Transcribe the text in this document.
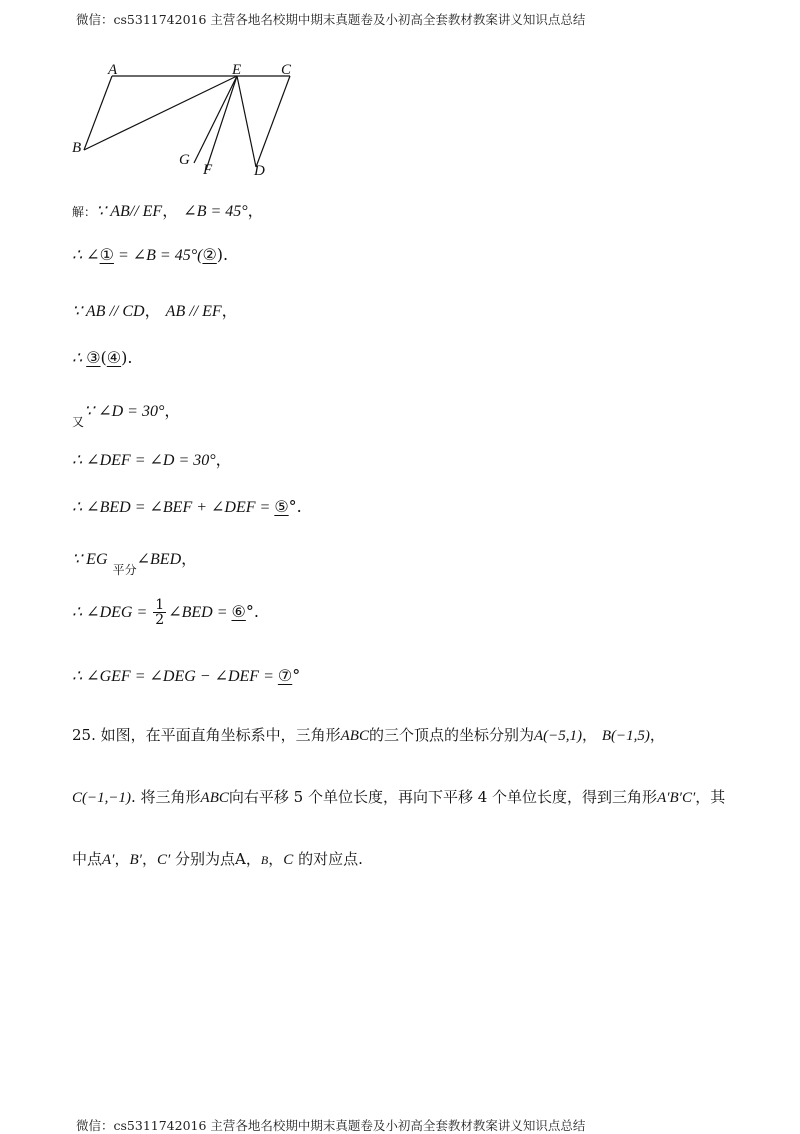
微信：cs5311742016 主营各地名校期中期末真题卷及小初高全套教材教案讲义知识点总结
A	E	C
B
G
F	D
解：∵ AB// EF， ∠B = 45°，
∴ ∠① = ∠B = 45°(②).
∵ AB // CD， AB // EF，
∴ ③(④).
$_又$∵ ∠D = 30°，
∴ ∠DEF = ∠D = 30°，
∴ ∠BED = ∠BEF + ∠DEF = ⑤°.
∵ EG $_{平分}$∠BED，
∴ ∠DEG = $\frac{1}{2}$ ∠BED = ⑥°.
∴ ∠GEF = ∠DEG − ∠DEF = ⑦°
25. 如图，在平面直角坐标系中，三角形ABC的三个顶点的坐标分别为A(−5,1)， B(−1,5)，
C(−1,−1). 将三角形ABC向右平移 5 个单位长度，再向下平移 4 个单位长度，得到三角形A′B′C′，其
中点A′，B′，C′ 分别为点A，B，C 的对应点.
微信：cs5311742016 主营各地名校期中期末真题卷及小初高全套教材教案讲义知识点总结
